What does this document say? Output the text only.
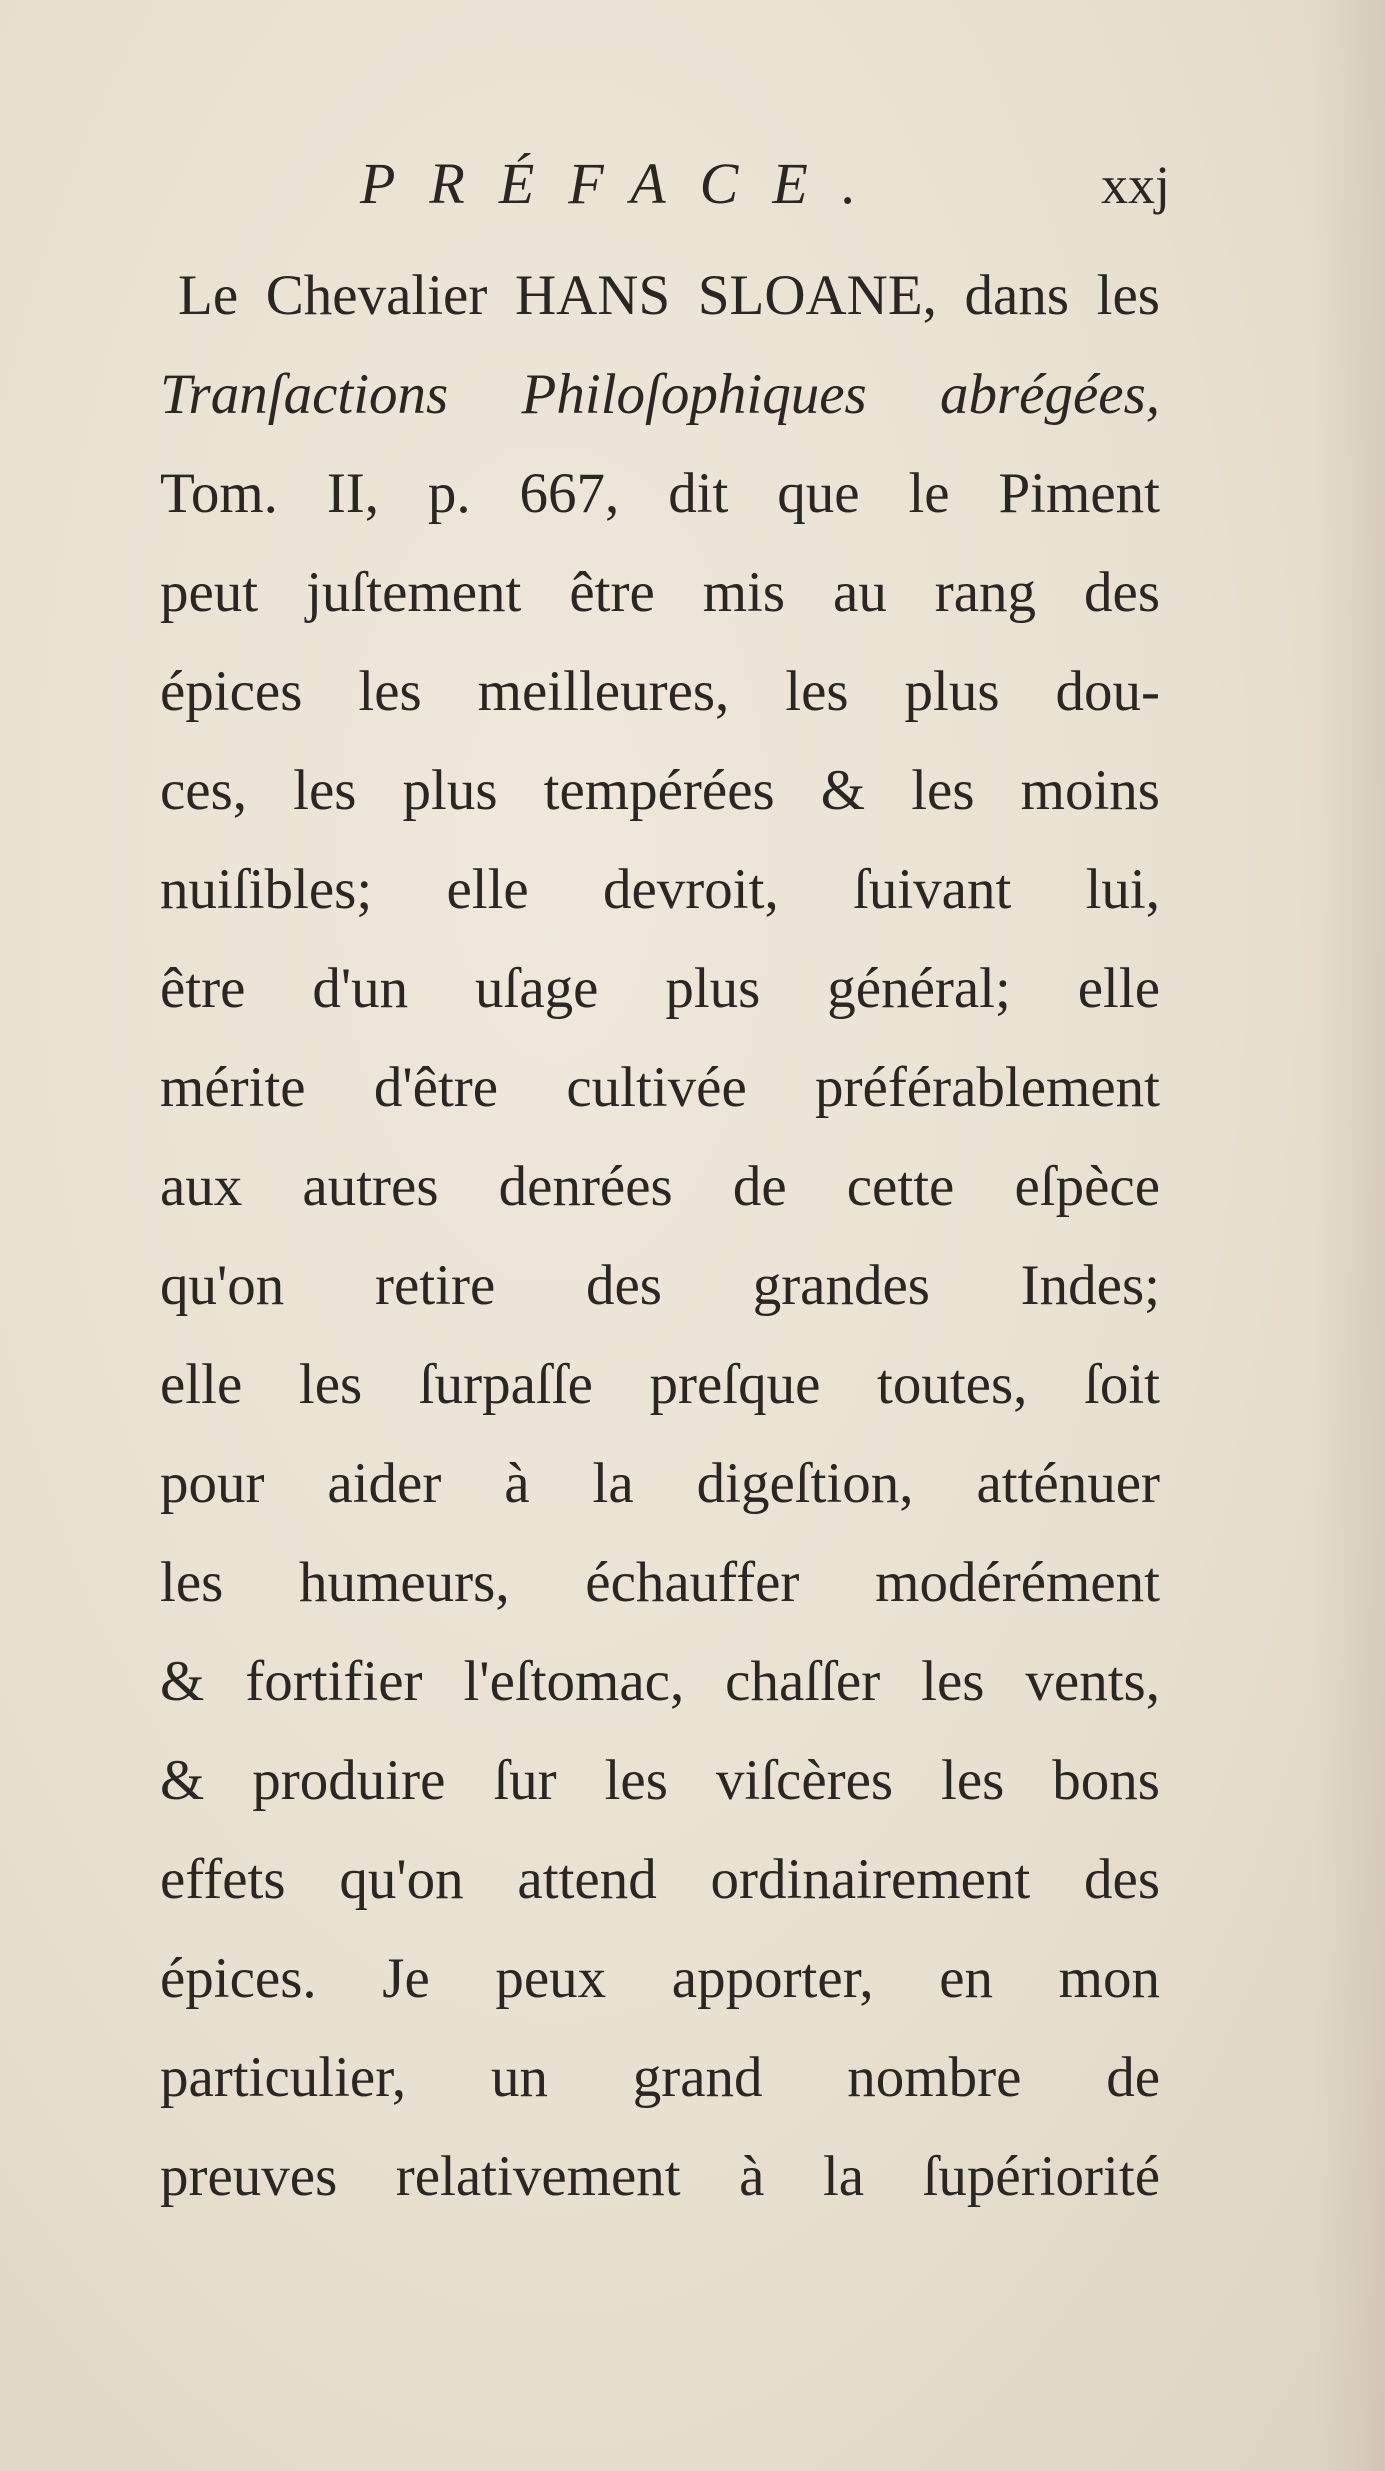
PRÉFACE.	xxj
Le Chevalier HANS SLOANE, dans les
Tranſactions Philoſophiques abrégées,
Tom. II, p. 667, dit que le Piment
peut juſtement être mis au rang des
épices les meilleures, les plus dou-
ces, les plus tempérées & les moins
nuiſibles; elle devroit, ſuivant lui,
être d'un uſage plus général; elle
mérite d'être cultivée préférablement
aux autres denrées de cette eſpèce
qu'on retire des grandes Indes;
elle les ſurpaſſe preſque toutes, ſoit
pour aider à la digeſtion, atténuer
les humeurs, échauffer modérément
& fortifier l'eſtomac, chaſſer les vents,
& produire ſur les viſcères les bons
effets qu'on attend ordinairement des
épices. Je peux apporter, en mon
particulier, un grand nombre de
preuves relativement à la ſupériorité
